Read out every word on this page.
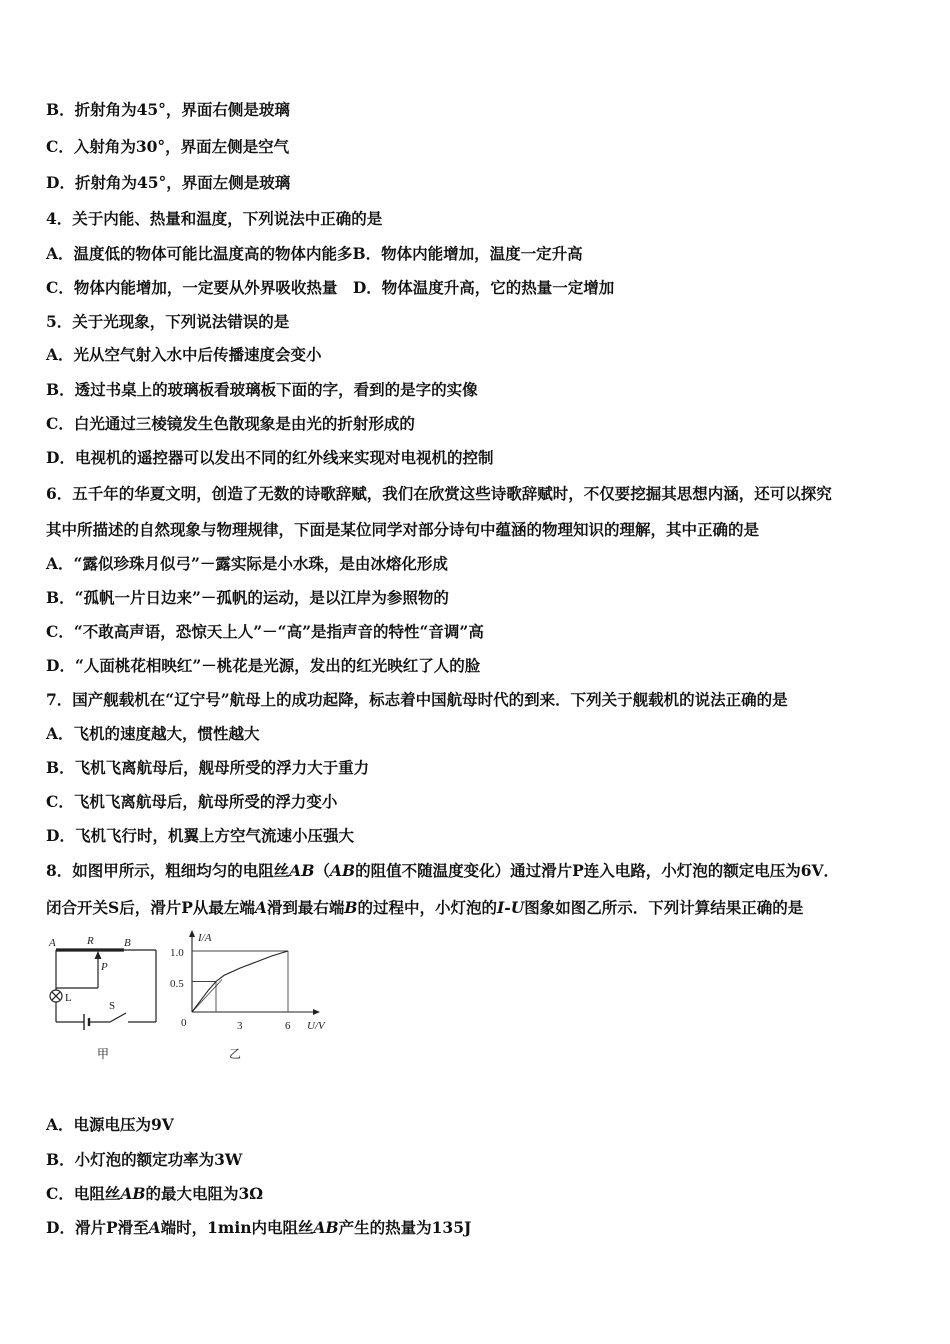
B．折射角为45°，界面右侧是玻璃

C．入射角为30°，界面左侧是空气

D．折射角为45°，界面左侧是玻璃

4．关于内能、热量和温度，下列说法中正确的是

A．温度低的物体可能比温度高的物体内能多B．物体内能增加，温度一定升高

C．物体内能增加，一定要从外界吸收热量　D．物体温度升高，它的热量一定增加

5．关于光现象，下列说法错误的是

A．光从空气射入水中后传播速度会变小

B．透过书桌上的玻璃板看玻璃板下面的字，看到的是字的实像

C．白光通过三棱镜发生色散现象是由光的折射形成的

D．电视机的遥控器可以发出不同的红外线来实现对电视机的控制

6．五千年的华夏文明，创造了无数的诗歌辞赋，我们在欣赏这些诗歌辞赋时，不仅要挖掘其思想内涵，还可以探究

其中所描述的自然现象与物理规律，下面是某位同学对部分诗句中蕴涵的物理知识的理解，其中正确的是

A．“露似珍珠月似弓”－露实际是小水珠，是由冰熔化形成

B．“孤帆一片日边来”－孤帆的运动，是以江岸为参照物的

C．“不敢高声语，恐惊天上人”－“高”是指声音的特性“音调”高

D．“人面桃花相映红”－桃花是光源，发出的红光映红了人的脸

7．国产舰载机在“辽宁号”航母上的成功起降，标志着中国航母时代的到来．下列关于舰载机的说法正确的是

A．飞机的速度越大，惯性越大

B．飞机飞离航母后，舰母所受的浮力大于重力

C．飞机飞离航母后，航母所受的浮力变小

D．飞机飞行时，机翼上方空气流速小压强大

8．如图甲所示，粗细均匀的电阻丝AB（AB的阻值不随温度变化）通过滑片P连入电路，小灯泡的额定电压为6V．

闭合开关S后，滑片P从最左端A滑到最右端B的过程中，小灯泡的I-U图象如图乙所示．下列计算结果正确的是

A	R	B
P
L
S
甲
I/A
U/V
0
1.0
0.5
3	6
乙

A．电源电压为9V

B．小灯泡的额定功率为3W

C．电阻丝AB的最大电阻为3Ω

D．滑片P滑至A端时，1min内电阻丝AB产生的热量为135J
